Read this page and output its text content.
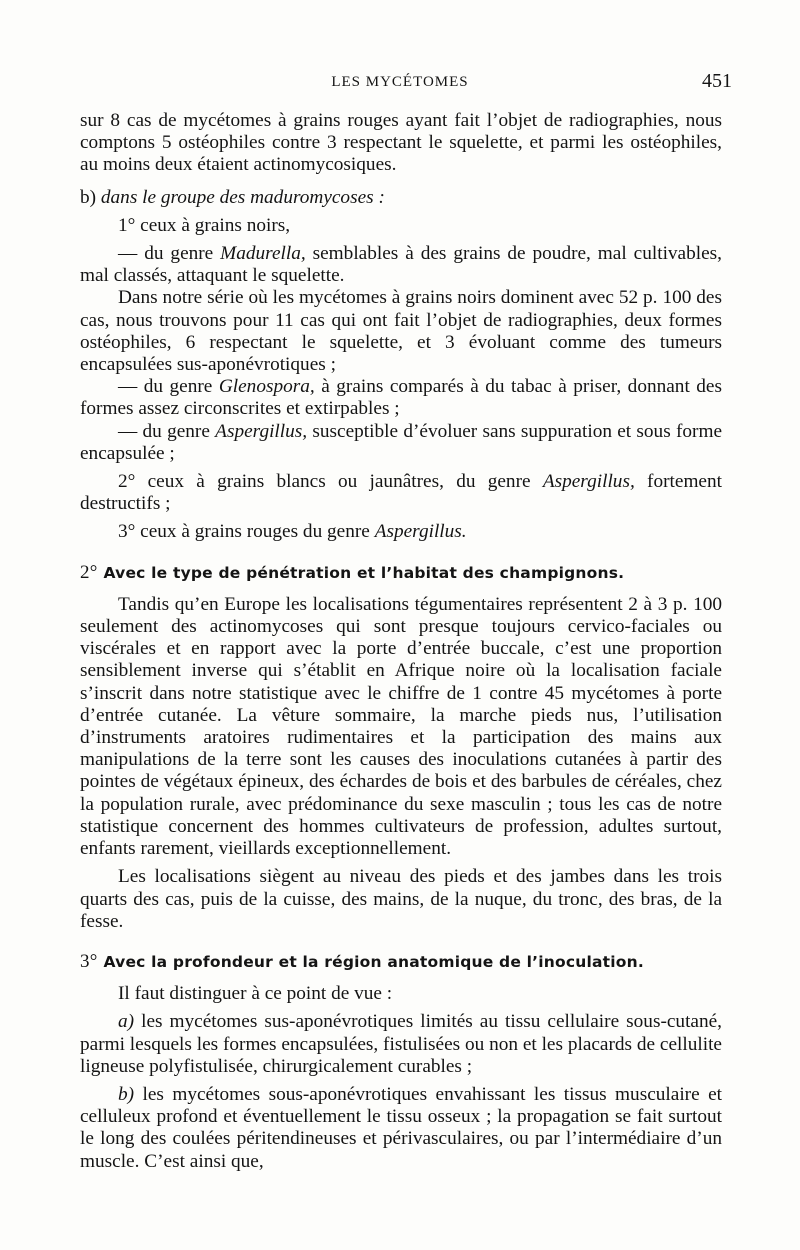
LES MYCÉTOMES	451

sur 8 cas de mycétomes à grains rouges ayant fait l’objet de radiographies, nous comptons 5 ostéophiles contre 3 respectant le squelette, et parmi les ostéophiles, au moins deux étaient actinomycosiques.

b) dans le groupe des maduromycoses :

1° ceux à grains noirs,

— du genre Madurella, semblables à des grains de poudre, mal cultivables, mal classés, attaquant le squelette.

Dans notre série où les mycétomes à grains noirs dominent avec 52 p. 100 des cas, nous trouvons pour 11 cas qui ont fait l’objet de radiographies, deux formes ostéophiles, 6 respectant le squelette, et 3 évoluant comme des tumeurs encapsulées sus-aponévrotiques ;

— du genre Glenospora, à grains comparés à du tabac à priser, donnant des formes assez circonscrites et extirpables ;

— du genre Aspergillus, susceptible d’évoluer sans suppuration et sous forme encapsulée ;

2° ceux à grains blancs ou jaunâtres, du genre Aspergillus, fortement destructifs ;

3° ceux à grains rouges du genre Aspergillus.

2° Avec le type de pénétration et l’habitat des champignons.

Tandis qu’en Europe les localisations tégumentaires représentent 2 à 3 p. 100 seulement des actinomycoses qui sont presque toujours cervico-faciales ou viscérales et en rapport avec la porte d’entrée buccale, c’est une proportion sensiblement inverse qui s’établit en Afrique noire où la localisation faciale s’inscrit dans notre statistique avec le chiffre de 1 contre 45 mycétomes à porte d’entrée cutanée. La vêture sommaire, la marche pieds nus, l’utilisation d’instruments aratoires rudimentaires et la participation des mains aux manipulations de la terre sont les causes des inoculations cutanées à partir des pointes de végétaux épineux, des échardes de bois et des barbules de céréales, chez la population rurale, avec prédominance du sexe masculin ; tous les cas de notre statistique concernent des hommes cultivateurs de profession, adultes surtout, enfants rarement, vieillards exceptionnellement.

Les localisations siègent au niveau des pieds et des jambes dans les trois quarts des cas, puis de la cuisse, des mains, de la nuque, du tronc, des bras, de la fesse.

3° Avec la profondeur et la région anatomique de l’inoculation.

Il faut distinguer à ce point de vue :

a) les mycétomes sus-aponévrotiques limités au tissu cellulaire sous-cutané, parmi lesquels les formes encapsulées, fistulisées ou non et les placards de cellulite ligneuse polyfistulisée, chirurgicalement curables ;

b) les mycétomes sous-aponévrotiques envahissant les tissus musculaire et celluleux profond et éventuellement le tissu osseux ; la propagation se fait surtout le long des coulées péritendineuses et périvasculaires, ou par l’intermédiaire d’un muscle. C’est ainsi que,
